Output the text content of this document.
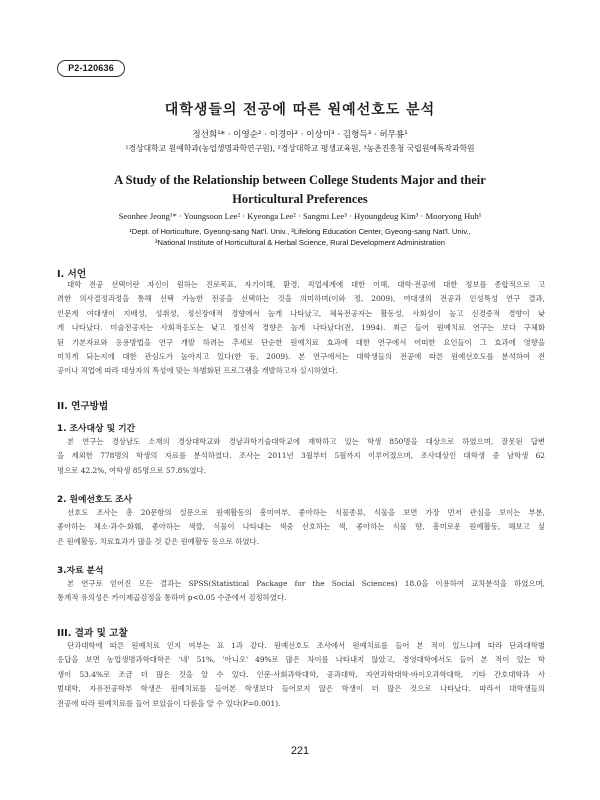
P2-120636
대학생들의 전공에 따른 원예선호도 분석
정선희¹* · 이영순² · 이경아² · 이상미³ · 김형득³ · 허무룡¹
¹경상대학교 원예학과(농업생명과학연구원), ²경상대학교 평생교육원, ³농촌진흥청 국립원예특작과학원
A Study of the Relationship between College Students Major and their
Horticultural Preferences
Seonhee Jeong¹* · Youngsoon Lee² · Kyeonga Lee² · Sangmi Lee³ · Hyoungdeug Kim³ · Mooryong Huh¹
¹Dept. of Horticulture, Gyeong-sang Nat'l. Univ., ²Lifelong Education Center, Gyeong-sang Nat'l. Univ.,
³National Institute of Horticultural & Herbal Science, Rural Development Administration
I. 서언
대학 전공 선택이란 자신이 원하는 진로목표, 자기이해, 환경, 직업세계에 대한 이해, 대학·전공에 대한 정보를 종합적으로 고
려한 의사결정과정을 통해 선택 가능한 전공을 선택하는 것을 의미하며(이와 정, 2009), 여대생의 전공과 인성특성 연구 결과,
인문계 여대생이 지배성, 성취성, 정신장애적 경향에서 높게 나타났고, 체육전공자는 활동성, 사회성이 높고 신경증적 경향이 낮
게 나타났다. 미술전공자는 사회적응도는 낮고 정신적 경향은 높게 나타났다(전, 1994). 최근 들어 원예치료 연구는 보다 구체화
된 기본자료와 응용방법을 연구 개발 하려는 추세로 단순한 원예치료 효과에 대한 연구에서 어떠한 요인들이 그 효과에 영향을
미치게 되는지에 대한 관심도가 높아지고 있다(한 등, 2009). 본 연구에서는 대학생들의 전공에 따른 원예선호도를 분석하여 전
공이나 직업에 따라 대상자의 특성에 맞는 차별화된 프로그램을 개발하고자 실시하였다.
II. 연구방법
1. 조사대상 및 기간
본 연구는 경상남도 소재의 경상대학교와 경남과학기술대학교에 재학하고 있는 학생 850명을 대상으로 하였으며, 잘못된 답변
을 제외한 778명의 학생의 자료를 분석하였다. 조사는 2011년 3월부터 5월까지 이루어졌으며, 조사대상인 대학생 중 남학생 62
명으로 42.2%, 여학생 85명으로 57.8%였다.
2. 원예선호도 조사
선호도 조사는 총 20문항의 설문으로 원예활동의 흥미여부, 좋아하는 식물종류, 식물을 보면 가장 먼저 관심을 보이는 부분,
좋아하는 채소·과수·화훼, 좋아하는 색깔, 식물이 나타내는 색중 선호하는 색, 좋아하는 식물 향, 흥미로운 원예활동, 해보고 싶
은 원예활동, 치료효과가 많을 것 같은 원예활동 등으로 하였다.
3.자료 분석
본 연구로 얻어진 모든 결과는 SPSS(Statistical Package for the Social Sciences) 18.0을 이용하여 교차분석을 하였으며,
통계적 유의성은 카이제곱검정을 통하여 p<0.05 수준에서 검정하였다.
III. 결과 및 고찰
단과대학에 따른 원예치료 인지 여부는 표 1과 같다. 원예선호도 조사에서 원예치료를 들어 본 적이 있느냐에 따라 단과대학별
응답을 보면 농업생명과학대학은 '네' 51%, '아니오' 49%로 많은 차이를 나타내지 않았고, 경영대학에서도 들어 본 적이 있는 학
생이 53.4%로 조금 더 많은 것을 알 수 있다. 인문·사회과학대학, 공과대학, 자연과학대학·바이오과학대학, 기타 간호대학과 사
범대학, 자유전공학부 학생은 원예치료를 들어본 학생보다 들어보지 않은 학생이 더 많은 것으로 나타났다. 따라서 대학생들의
전공에 따라 원예치료를 들어 보았음이 다름을 알 수 있다(P=0.001).
221
